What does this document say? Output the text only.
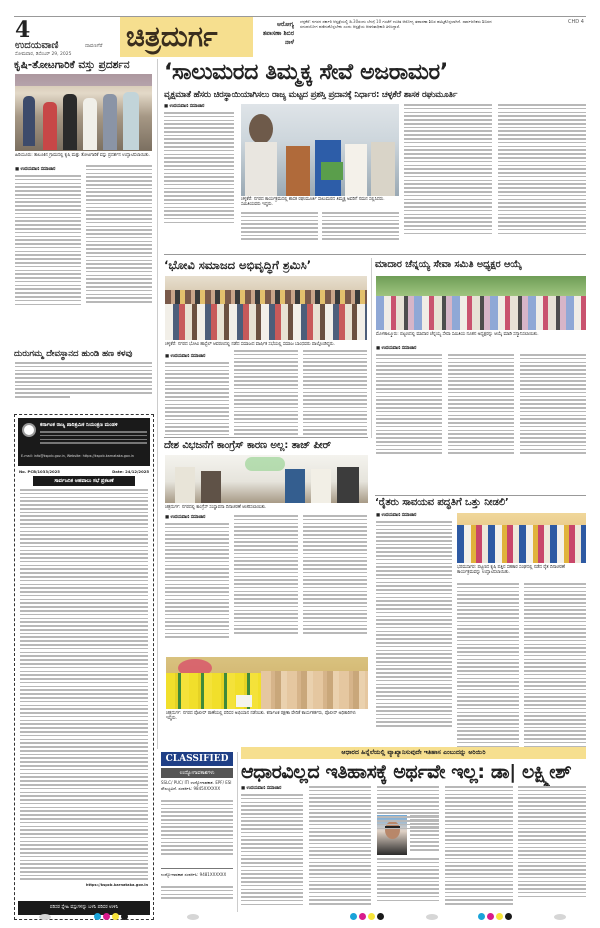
4
ಉದಯವಾಣಿ	ದಾವಣಗೆರೆ
ಸೋಮವಾರ, ಡಿಸೆಂಬರ್ 29, 2025
ಚಿತ್ರದುರ್ಗ	ಆರೋಗ್ಯ ತಪಾಸಣಾ ಶಿಬಿರ ನಾಳೆ
ಚಳ್ಳಕೆರೆ: ನಗರದ ಸರ್ಕಾರಿ ಆಸ್ಪತ್ರೆಯಲ್ಲಿ ಡಿ.30ರಂದು ಬೆಳಗ್ಗೆ 10 ಗಂಟೆಗೆ ಉಚಿತ ಆರೋಗ್ಯ ತಪಾಸಣಾ ಶಿಬಿರ ಹಮ್ಮಿಕೊಳ್ಳಲಾಗಿದೆ. ಸಾರ್ವಜನಿಕರು ಶಿಬಿರದ ಸದುಪಯೋಗ ಪಡೆದುಕೊಳ್ಳಬೇಕು ಎಂದು ಆಸ್ಪತ್ರೆಯ ಆಡಳಿತಾಧಿಕಾರಿ ತಿಳಿಸಿದ್ದಾರೆ.
CHD 4
ಕೃಷಿ-ತೋಟಗಾರಿಕೆ ವಸ್ತು ಪ್ರದರ್ಶನ
ಹಿರಿಯೂರು: ತಾಲೂಕಿನ ಗ್ರಾಮದಲ್ಲಿ ಕೃಷಿ ಮತ್ತು ತೋಟಗಾರಿಕೆ ವಸ್ತು ಪ್ರದರ್ಶನ ಉದ್ಘಾಟಿಸಲಾಯಿತು.
■ ಉದಯವಾಣಿ ಸಮಾಚಾರ
ದುರುಗಮ್ಮ ದೇವಸ್ಥಾನದ ಹುಂಡಿ ಹಣ ಕಳವು
ಕರ್ನಾಟಕ ರಾಜ್ಯ ಪಾರಿಶ್ರಮಿಕ ನಿಯಂತ್ರಣ ಮಂಡಳಿ
E-mail: info@kspcb.gov.in, Website: https://kspcb.karnataka.gov.in
No. PCB/1033/2025	Date: 24/12/2025
ಸಾರ್ವಜನಿಕ ಅಹವಾಲು ಸಭೆ ಪ್ರಕಟಣೆ
https://kspcb.karnataka.gov.in
ಪರಿಸರ ಸ್ನೇಹಿ ವಸ್ತುಗಳನ್ನು ಬಳಸಿ ಪರಿಸರ ಉಳಿಸಿ
‘ಸಾಲುಮರದ ತಿಮ್ಮಕ್ಕ ಸೇವೆ ಅಜರಾಮರ’
ವೃಕ್ಷಮಾತೆ ಹೆಸರು ಚಿರಸ್ಥಾಯಿಯಾಗಿಸಲು ರಾಜ್ಯ ಮಟ್ಟದ ಪ್ರಶಸ್ತಿ ಪ್ರದಾನಕ್ಕೆ ನಿರ್ಧಾರ: ಚಳ್ಳಕೆರೆ ಶಾಸಕ ರಘುಮೂರ್ತಿ
■ ಉದಯವಾಣಿ ಸಮಾಚಾರ
ಚಳ್ಳಕೆರೆ: ನಗರದ ಕಾರ್ಯಕ್ರಮದಲ್ಲಿ ಶಾಸಕ ರಘುಮೂರ್ತಿ ಸಾಲುಮರದ ತಿಮ್ಮಕ್ಕ ಅವರಿಗೆ ನಮನ ಸಲ್ಲಿಸಿದರು. ಸಮಿತಿಯವರು ಇದ್ದರು.
‘ಭೋವಿ ಸಮಾಜದ ಅಭಿವೃದ್ಧಿಗೆ ಶ್ರಮಿಸಿ’
ಚಳ್ಳಕೆರೆ: ನಗರದ ಭೋವಿ ಹಾಸ್ಟೆಲ್ ಆವರಣದಲ್ಲಿ ನಡೆದ ಸಮಾಜದ ವಾರ್ಷಿಕ ಸಭೆಯಲ್ಲಿ ಸಮಾಜ ಬಾಂಧವರು ಪಾಲ್ಗೊಂಡಿದ್ದರು.
■ ಉದಯವಾಣಿ ಸಮಾಚಾರ
ಮಾದಾರ ಚೆನ್ನಯ್ಯ ಸೇವಾ ಸಮಿತಿ ಅಧ್ಯಕ್ಷರ ಆಯ್ಕೆ
ಮೊಳಕಾಲ್ಮೂರು: ಪಟ್ಟಣದಲ್ಲಿ ಮಾದಾರ ಚೆನ್ನಯ್ಯ ಸೇವಾ ಸಮಿತಿಯ ನೂತನ ಅಧ್ಯಕ್ಷರನ್ನು ಆಯ್ಕೆ ಮಾಡಿ ಸನ್ಮಾನಿಸಲಾಯಿತು.
■ ಉದಯವಾಣಿ ಸಮಾಚಾರ
ದೇಶ ವಿಭಜನೆಗೆ ಕಾಂಗ್ರೆಸ್ ಕಾರಣ ಅಲ್ಲ: ತಾಜ್ ಪೀರ್
ಚಿತ್ರದುರ್ಗ: ನಗರದಲ್ಲಿ ಕಾಂಗ್ರೆಸ್ ಸಂಸ್ಥಾಪನಾ ದಿನಾಚರಣೆ ಆಚರಿಸಲಾಯಿತು.
■ ಉದಯವಾಣಿ ಸಮಾಚಾರ
ಚಿತ್ರದುರ್ಗ: ನಗರದ ಪೊಲೀಸ್ ಠಾಣೆಯಲ್ಲಿ ಪರಿಸರ ಅಭಿಯಾನ ನಡೆಯಿತು. ಕರ್ನಾಟಕ ರಕ್ಷಣಾ ವೇದಿಕೆ ಕಾರ್ಯಕರ್ತರು, ಪೊಲೀಸ್ ಅಧಿಕಾರಿಗಳು ಇದ್ದರು.
‘ರೈತರು ಸಾವಯವ ಪದ್ಧತಿಗೆ ಒತ್ತು ನೀಡಲಿ’
■ ಉದಯವಾಣಿ ಸಮಾಚಾರ
ಭರಮಸಾಗರ: ಪಟ್ಟಣದ ಕೃಷಿ ಪತ್ತಿನ ಸಹಕಾರ ಸಂಘದಲ್ಲಿ ನಡೆದ ರೈತ ದಿನಾಚರಣೆ ಕಾರ್ಯಕ್ರಮವನ್ನು ಉದ್ಘಾಟಿಸಲಾಯಿತು.
CLASSIFIED
ಉದ್ಯೋಗಾವಕಾಶಗಳು
SSLC/ PUC/ ITI ಉದ್ಯೋಗಾವಕಾಶ. EPF/ ESI ಸೌಲಭ್ಯವಿದೆ. ಸಂಪರ್ಕಿಸಿ: 9845XXXXXX
ಉದ್ಯೋಗಾವಕಾಶ ಸಂಪರ್ಕಿಸಿ: 9481XXXXXX
ಆಧಾರದ ಹಿನ್ನೆಲೆಯಲ್ಲಿ ವ್ಯಾಖ್ಯಾನಿಸುವುದೇ ಇತಿಹಾಸ ಎಂಬುದನ್ನು ಅರಿಯಿರಿ
ಆಧಾರವಿಲ್ಲದ ಇತಿಹಾಸಕ್ಕೆ ಅರ್ಥವೇ ಇಲ್ಲ: ಡಾ| ಲಕ್ಷ್ಮೀಶ್
■ ಉದಯವಾಣಿ ಸಮಾಚಾರ
